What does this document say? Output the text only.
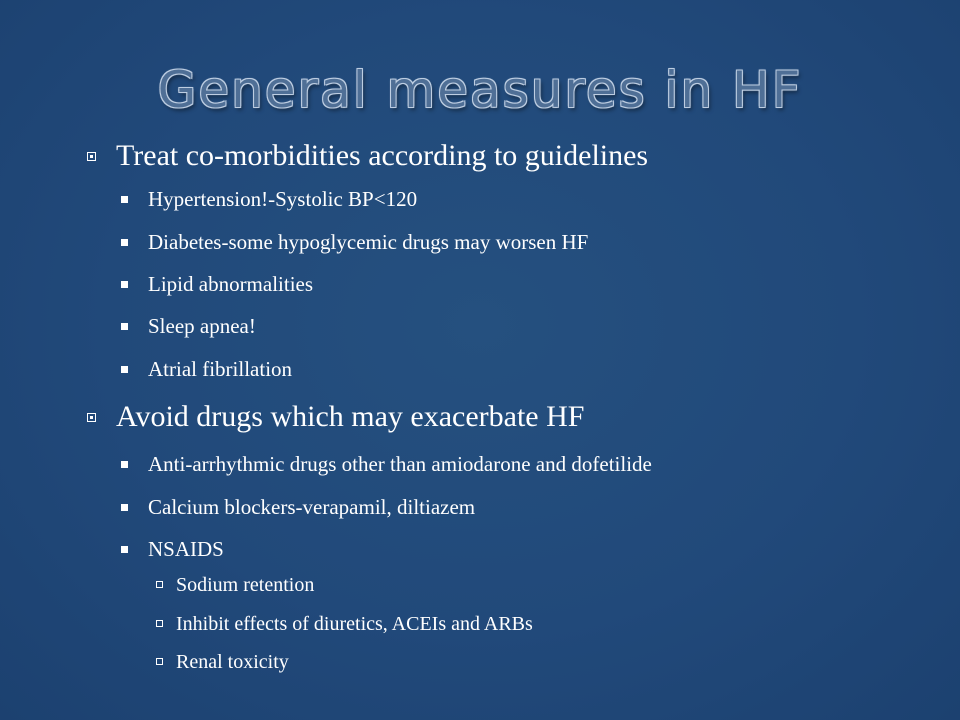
General measures in HF
Treat co-morbidities according to guidelines
Hypertension!-Systolic BP<120
Diabetes-some hypoglycemic drugs may worsen HF
Lipid abnormalities
Sleep apnea!
Atrial fibrillation
Avoid drugs which may exacerbate HF
Anti-arrhythmic drugs other than amiodarone and dofetilide
Calcium blockers-verapamil, diltiazem
NSAIDS
Sodium retention
Inhibit effects of diuretics, ACEIs and ARBs
Renal toxicity
